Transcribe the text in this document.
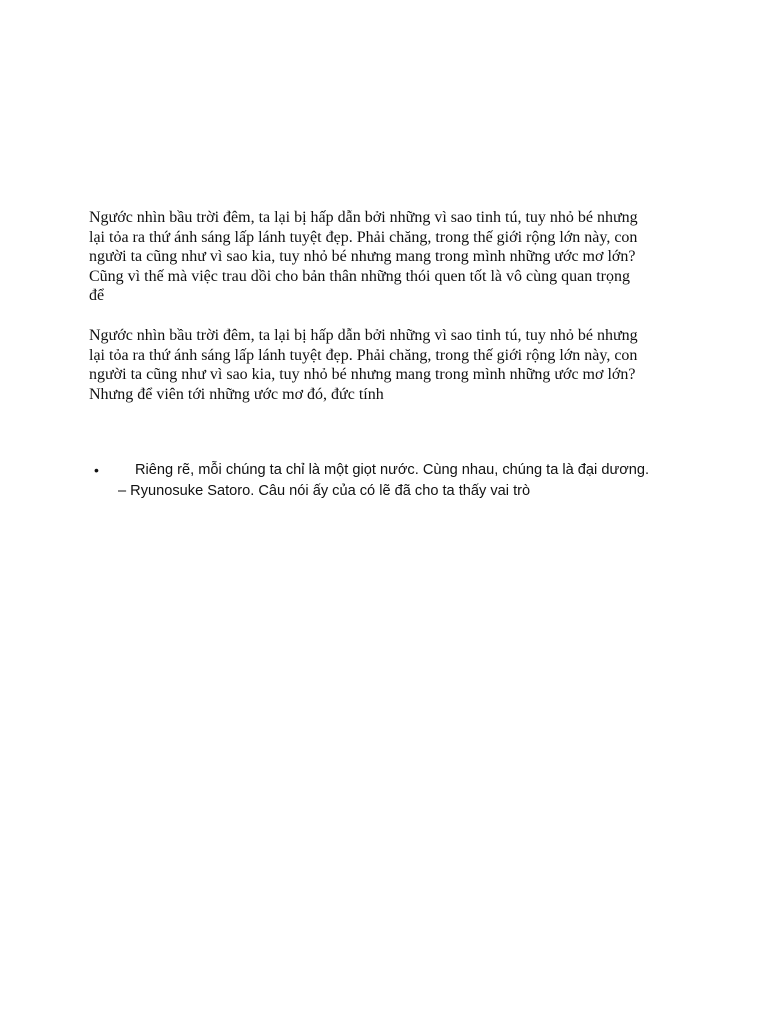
Ngước nhìn bầu trời đêm, ta lại bị hấp dẫn bởi những vì sao tinh tú, tuy nhỏ bé nhưng
lại tỏa ra thứ ánh sáng lấp lánh tuyệt đẹp. Phải chăng, trong thế giới rộng lớn này, con
người ta cũng như vì sao kia, tuy nhỏ bé nhưng mang trong mình những ước mơ lớn?
Cũng vì thế mà việc trau dồi cho bản thân những thói quen tốt là vô cùng quan trọng
để
Ngước nhìn bầu trời đêm, ta lại bị hấp dẫn bởi những vì sao tinh tú, tuy nhỏ bé nhưng
lại tỏa ra thứ ánh sáng lấp lánh tuyệt đẹp. Phải chăng, trong thế giới rộng lớn này, con
người ta cũng như vì sao kia, tuy nhỏ bé nhưng mang trong mình những ước mơ lớn?
Nhưng để viên tới những ước mơ đó, đức tính
• Riêng rẽ, mỗi chúng ta chỉ là một giọt nước. Cùng nhau, chúng ta là đại dương.
– Ryunosuke Satoro. Câu nói ấy của có lẽ đã cho ta thấy vai trò
